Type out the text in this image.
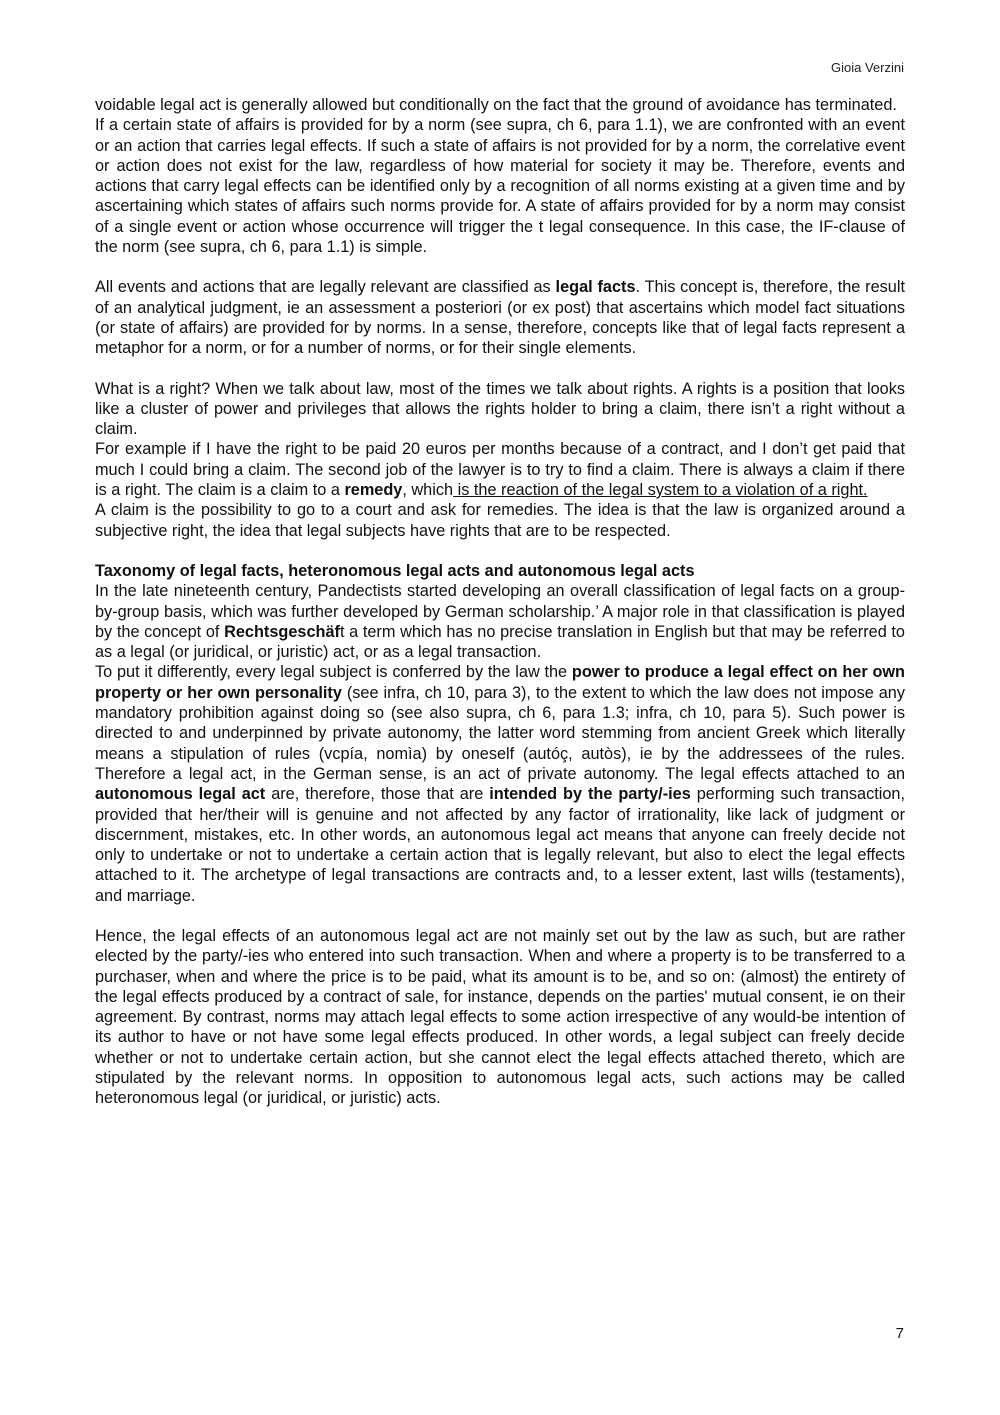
Gioia Verzini

voidable legal act is generally allowed but conditionally on the fact that the ground of avoidance has terminated.

If a certain state of affairs is provided for by a norm (see supra, ch 6, para 1.1), we are confronted with an event or an action that carries legal effects. If such a state of affairs is not provided for by a norm, the correlative event or action does not exist for the law, regardless of how material for society it may be. Therefore, events and actions that carry legal effects can be identified only by a recognition of all norms existing at a given time and by ascertaining which states of affairs such norms provide for. A state of affairs provided for by a norm may consist of a single event or action whose occurrence will trigger the t legal consequence. In this case, the IF-clause of the norm (see supra, ch 6, para 1.1) is simple.

All events and actions that are legally relevant are classified as legal facts. This concept is, therefore, the result of an analytical judgment, ie an assessment a posteriori (or ex post) that ascertains which model fact situations (or state of affairs) are provided for by norms. In a sense, therefore, concepts like that of legal facts represent a metaphor for a norm, or for a number of norms, or for their single elements.

What is a right? When we talk about law, most of the times we talk about rights. A rights is a position that looks like a cluster of power and privileges that allows the rights holder to bring a claim, there isn’t a right without a claim.

For example if I have the right to be paid 20 euros per months because of a contract, and I don’t get paid that much I could bring a claim. The second job of the lawyer is to try to find a claim. There is always a claim if there is a right. The claim is a claim to a remedy, which is the reaction of the legal system to a violation of a right.

A claim is the possibility to go to a court and ask for remedies. The idea is that the law is organized around a subjective right, the idea that legal subjects have rights that are to be respected.

Taxonomy of legal facts, heteronomous legal acts and autonomous legal acts

In the late nineteenth century, Pandectists started developing an overall classification of legal facts on a group-by-group basis, which was further developed by German scholarship.’ A major role in that classification is played by the concept of Rechtsgeschäft a term which has no precise translation in English but that may be referred to as a legal (or juridical, or juristic) act, or as a legal transaction.

To put it differently, every legal subject is conferred by the law the power to produce a legal effect on her own property or her own personality (see infra, ch 10, para 3), to the extent to which the law does not impose any mandatory prohibition against doing so (see also supra, ch 6, para 1.3; infra, ch 10, para 5). Such power is directed to and underpinned by private autonomy, the latter word stemming from ancient Greek which literally means a stipulation of rules (vcpía, nomìa) by oneself (autóç, autòs), ie by the addressees of the rules. Therefore a legal act, in the German sense, is an act of private autonomy. The legal effects attached to an autonomous legal act are, therefore, those that are intended by the party/-ies performing such transaction, provided that her/their will is genuine and not affected by any factor of irrationality, like lack of judgment or discernment, mistakes, etc. In other words, an autonomous legal act means that anyone can freely decide not only to undertake or not to undertake a certain action that is legally relevant, but also to elect the legal effects attached to it. The archetype of legal transactions are contracts and, to a lesser extent, last wills (testaments), and marriage.

Hence, the legal effects of an autonomous legal act are not mainly set out by the law as such, but are rather elected by the party/-ies who entered into such transaction. When and where a property is to be transferred to a purchaser, when and where the price is to be paid, what its amount is to be, and so on: (almost) the entirety of the legal effects produced by a contract of sale, for instance, depends on the parties' mutual consent, ie on their agreement. By contrast, norms may attach legal effects to some action irrespective of any would-be intention of its author to have or not have some legal effects produced. In other words, a legal subject can freely decide whether or not to undertake certain action, but she cannot elect the legal effects attached thereto, which are stipulated by the relevant norms. In opposition to autonomous legal acts, such actions may be called heteronomous legal (or juridical, or juristic) acts.

7
